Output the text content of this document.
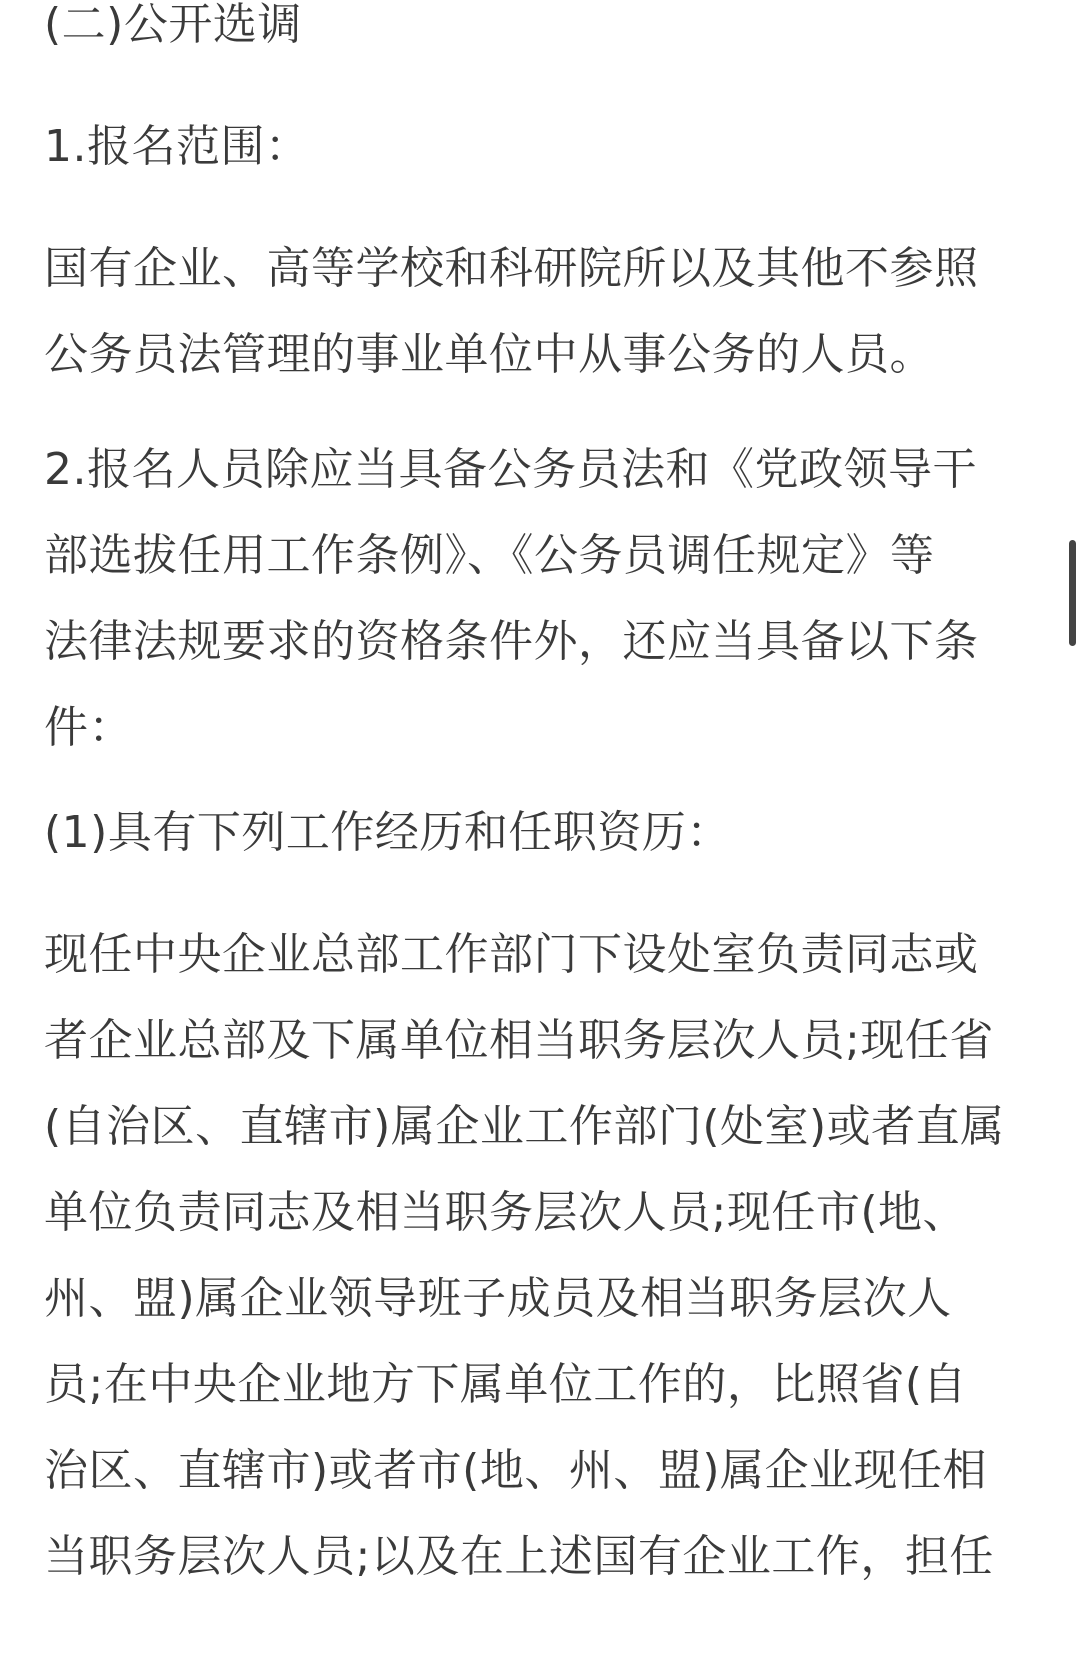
(二)公开选调
1.报名范围：
国有企业、高等学校和科研院所以及其他不参照
公务员法管理的事业单位中从事公务的人员。
2.报名人员除应当具备公务员法和《党政领导干
部选拔任用工作条例》、《公务员调任规定》等
法律法规要求的资格条件外，还应当具备以下条
件：
(1)具有下列工作经历和任职资历：
现任中央企业总部工作部门下设处室负责同志或
者企业总部及下属单位相当职务层次人员;现任省
(自治区、直辖市)属企业工作部门(处室)或者直属
单位负责同志及相当职务层次人员;现任市(地、
州、盟)属企业领导班子成员及相当职务层次人
员;在中央企业地方下属单位工作的，比照省(自
治区、直辖市)或者市(地、州、盟)属企业现任相
当职务层次人员;以及在上述国有企业工作，担任
